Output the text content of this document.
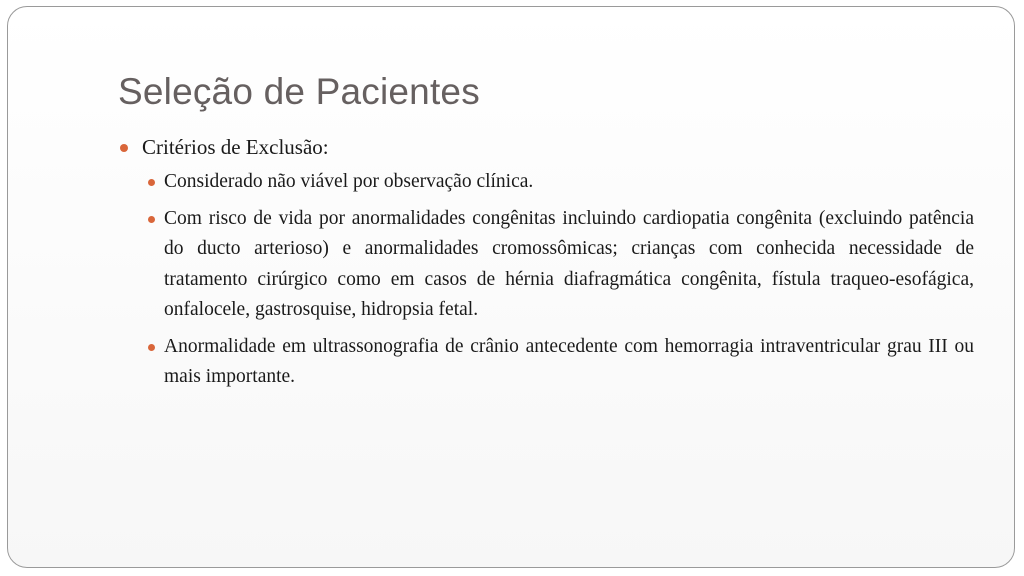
Seleção de Pacientes
Critérios de Exclusão:
Considerado não viável por observação clínica.
Com risco de vida por anormalidades congênitas incluindo cardiopatia congênita (excluindo patência do ducto arterioso) e anormalidades cromossômicas; crianças com conhecida necessidade de tratamento cirúrgico como em casos de hérnia diafragmática congênita, fístula traqueo-esofágica, onfalocele, gastrosquise, hidropsia fetal.
Anormalidade em ultrassonografia de crânio antecedente com hemorragia intraventricular grau III ou mais importante.
